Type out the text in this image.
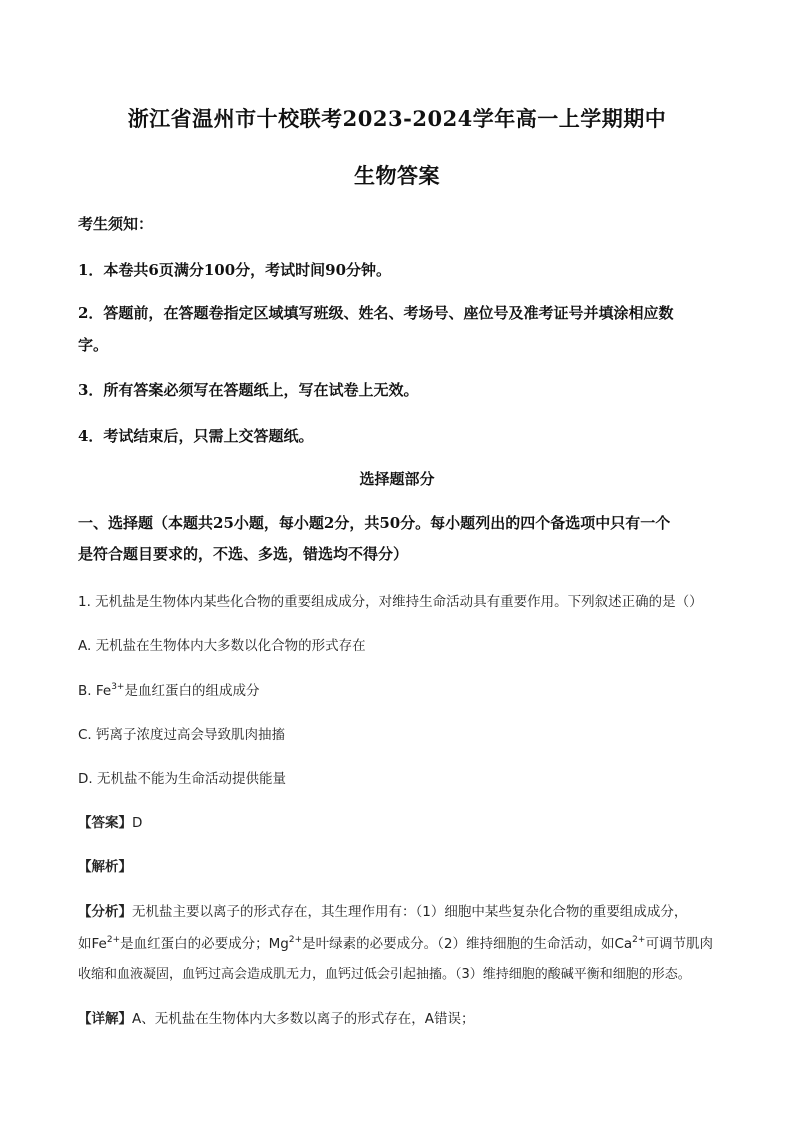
浙江省温州市十校联考2023-2024学年高一上学期期中
生物答案
考生须知：
1．本卷共6页满分100分，考试时间90分钟。
2．答题前，在答题卷指定区域填写班级、姓名、考场号、座位号及准考证号并填涂相应数
字。
3．所有答案必须写在答题纸上，写在试卷上无效。
4．考试结束后，只需上交答题纸。
选择题部分
一、选择题（本题共25小题，每小题2分，共50分。每小题列出的四个备选项中只有一个
是符合题目要求的，不选、多选，错选均不得分）
1. 无机盐是生物体内某些化合物的重要组成成分，对维持生命活动具有重要作用。下列叙述正确的是（）
A. 无机盐在生物体内大多数以化合物的形式存在
B. $Fe^{3+}$是血红蛋白的组成成分
C. 钙离子浓度过高会导致肌肉抽搐
D. 无机盐不能为生命活动提供能量
【答案】D
【解析】
【分析】无机盐主要以离子的形式存在，其生理作用有：（1）细胞中某些复杂化合物的重要组成成分，
如$Fe^{2+}$是血红蛋白的必要成分；$Mg^{2+}$是叶绿素的必要成分。（2）维持细胞的生命活动，如$Ca^{2+}$可调节肌肉
收缩和血液凝固，血钙过高会造成肌无力，血钙过低会引起抽搐。（3）维持细胞的酸碱平衡和细胞的形态。
【详解】A、无机盐在生物体内大多数以离子的形式存在，A错误；
